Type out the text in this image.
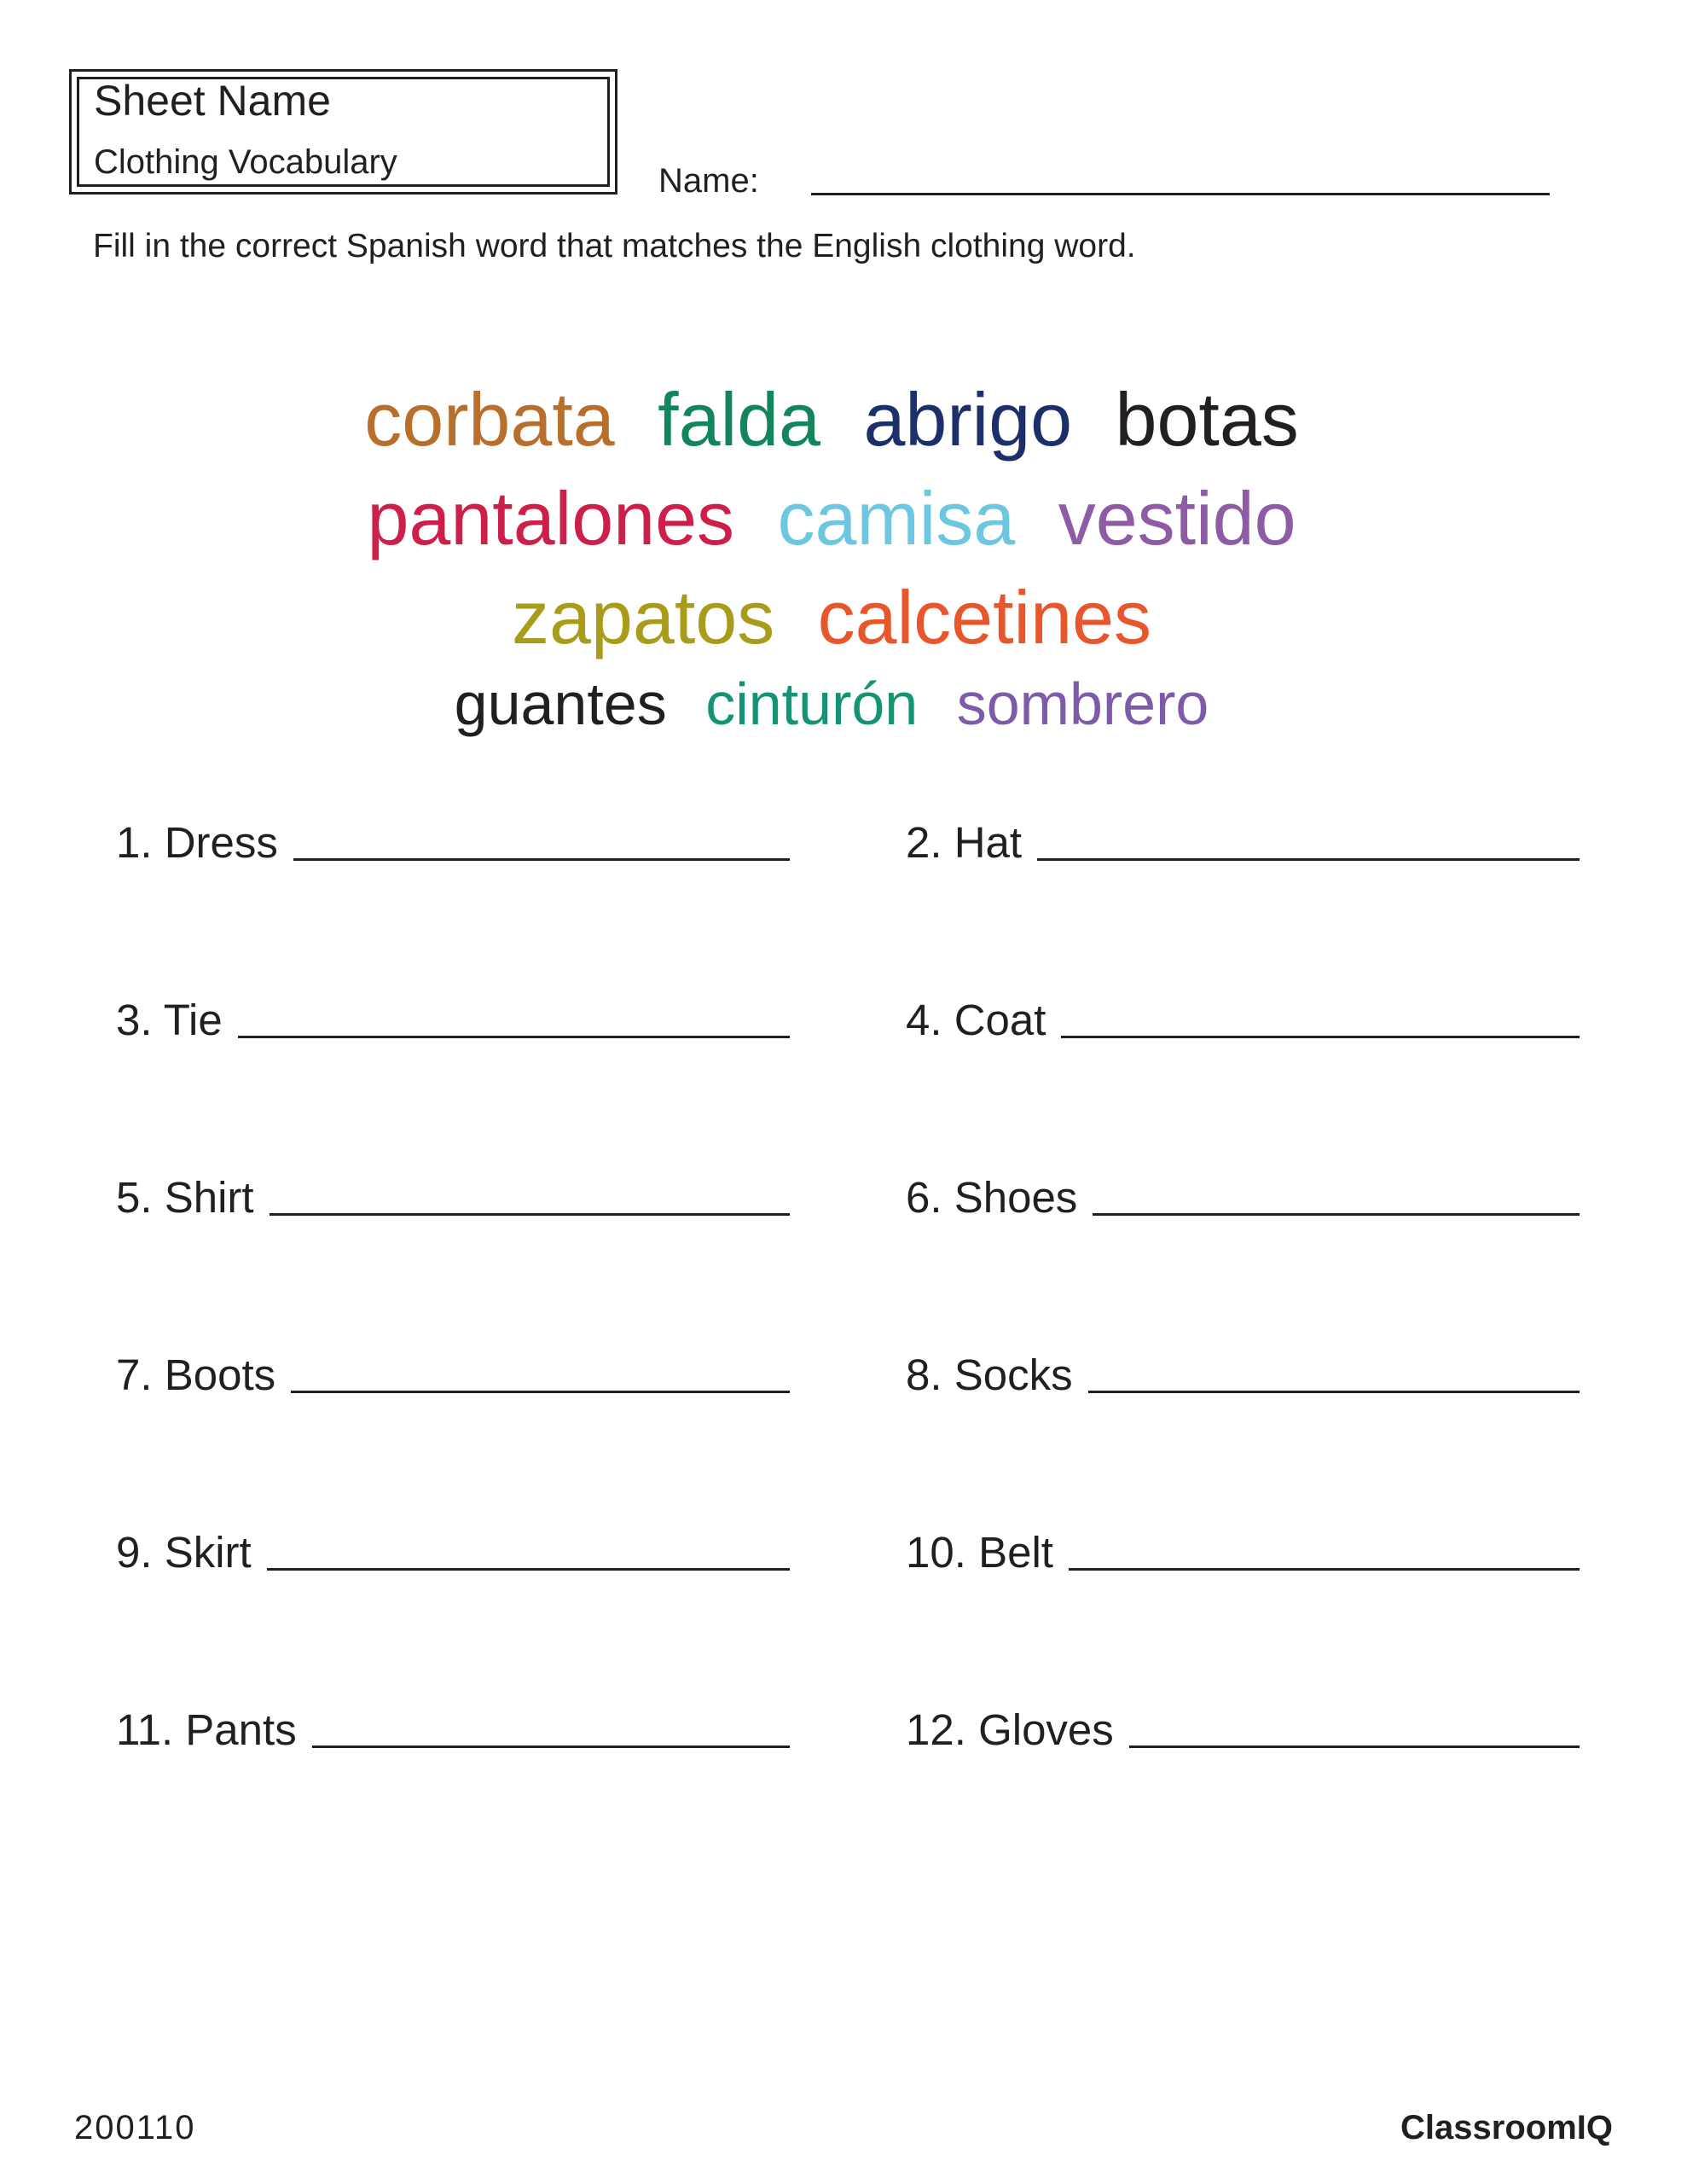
Sheet Name
Clothing Vocabulary	Name:
Fill in the correct Spanish word that matches the English clothing word.
corbata falda abrigo botas
pantalones camisa vestido
zapatos calcetines
guantes cinturón sombrero
1. Dress	2. Hat
3. Tie	4. Coat
5. Shirt	6. Shoes
7. Boots	8. Socks
9. Skirt	10. Belt
11. Pants	12. Gloves
200110	ClassroomIQ
